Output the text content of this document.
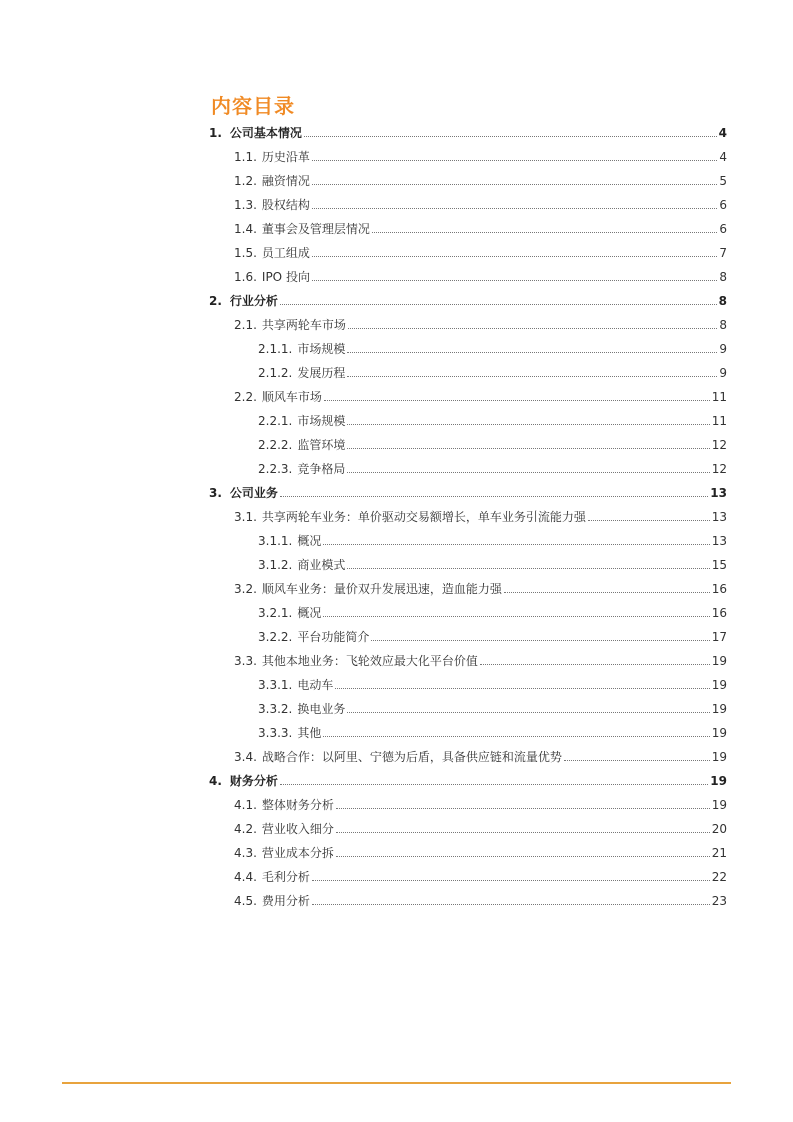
内容目录
1. 公司基本情况	4
1.1. 历史沿革	4
1.2. 融资情况	5
1.3. 股权结构	6
1.4. 董事会及管理层情况	6
1.5. 员工组成	7
1.6. IPO 投向	8
2. 行业分析	8
2.1. 共享两轮车市场	8
2.1.1. 市场规模	9
2.1.2. 发展历程	9
2.2. 顺风车市场	11
2.2.1. 市场规模	11
2.2.2. 监管环境	12
2.2.3. 竞争格局	12
3. 公司业务	13
3.1. 共享两轮车业务：单价驱动交易额增长，单车业务引流能力强	13
3.1.1. 概况	13
3.1.2. 商业模式	15
3.2. 顺风车业务：量价双升发展迅速，造血能力强	16
3.2.1. 概况	16
3.2.2. 平台功能简介	17
3.3. 其他本地业务：飞轮效应最大化平台价值	19
3.3.1. 电动车	19
3.3.2. 换电业务	19
3.3.3. 其他	19
3.4. 战略合作：以阿里、宁德为后盾，具备供应链和流量优势	19
4. 财务分析	19
4.1. 整体财务分析	19
4.2. 营业收入细分	20
4.3. 营业成本分拆	21
4.4. 毛利分析	22
4.5. 费用分析	23
